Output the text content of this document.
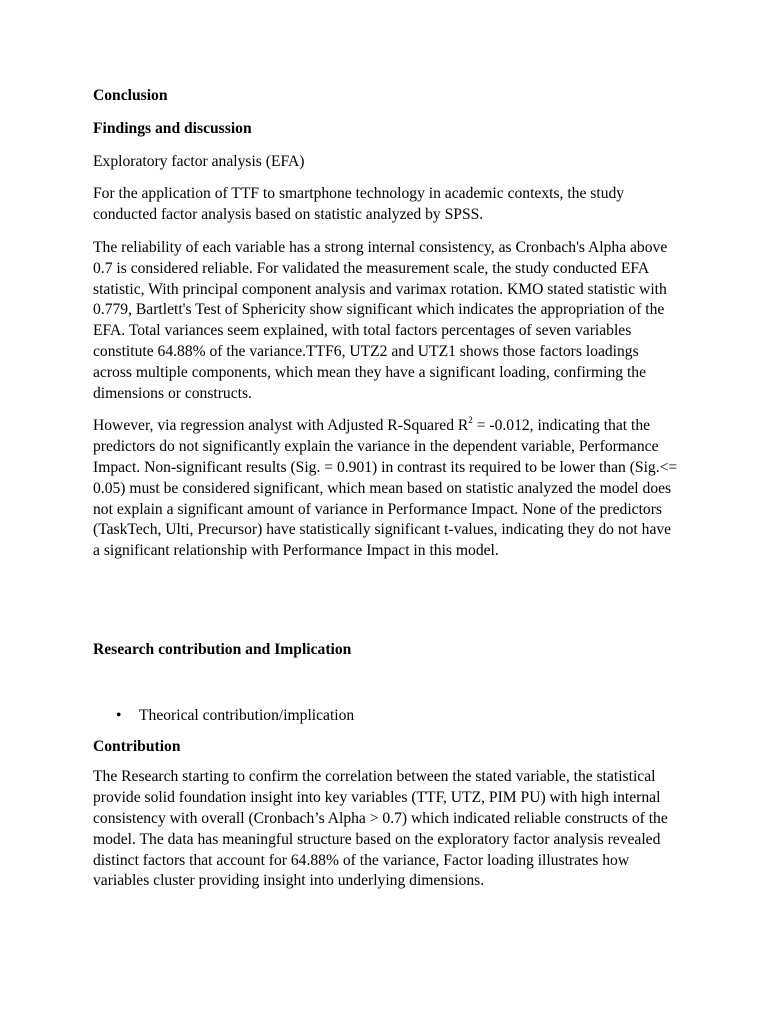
Conclusion

Findings and discussion

Exploratory factor analysis (EFA)

For the application of TTF to smartphone technology in academic contexts, the study conducted factor analysis based on statistic analyzed by SPSS.

The reliability of each variable has a strong internal consistency, as Cronbach's Alpha above 0.7 is considered reliable. For validated the measurement scale, the study conducted EFA statistic, With principal component analysis and varimax rotation. KMO stated statistic with 0.779, Bartlett's Test of Sphericity show significant which indicates the appropriation of the EFA. Total variances seem explained, with total factors percentages of seven variables constitute 64.88% of the variance.TTF6, UTZ2 and UTZ1 shows those factors loadings across multiple components, which mean they have a significant loading, confirming the dimensions or constructs.

However, via regression analyst with Adjusted R-Squared $R^2 = -0.012$, indicating that the predictors do not significantly explain the variance in the dependent variable, Performance Impact. Non-significant results (Sig. = 0.901) in contrast its required to be lower than (Sig.<= 0.05) must be considered significant, which mean based on statistic analyzed the model does not explain a significant amount of variance in Performance Impact. None of the predictors (TaskTech, Ulti, Precursor) have statistically significant t-values, indicating they do not have a significant relationship with Performance Impact in this model.

Research contribution and Implication

• Theorical contribution/implication

Contribution

The Research starting to confirm the correlation between the stated variable, the statistical provide solid foundation insight into key variables (TTF, UTZ, PIM PU) with high internal consistency with overall (Cronbach’s Alpha > 0.7) which indicated reliable constructs of the model. The data has meaningful structure based on the exploratory factor analysis revealed distinct factors that account for 64.88% of the variance, Factor loading illustrates how variables cluster providing insight into underlying dimensions.
